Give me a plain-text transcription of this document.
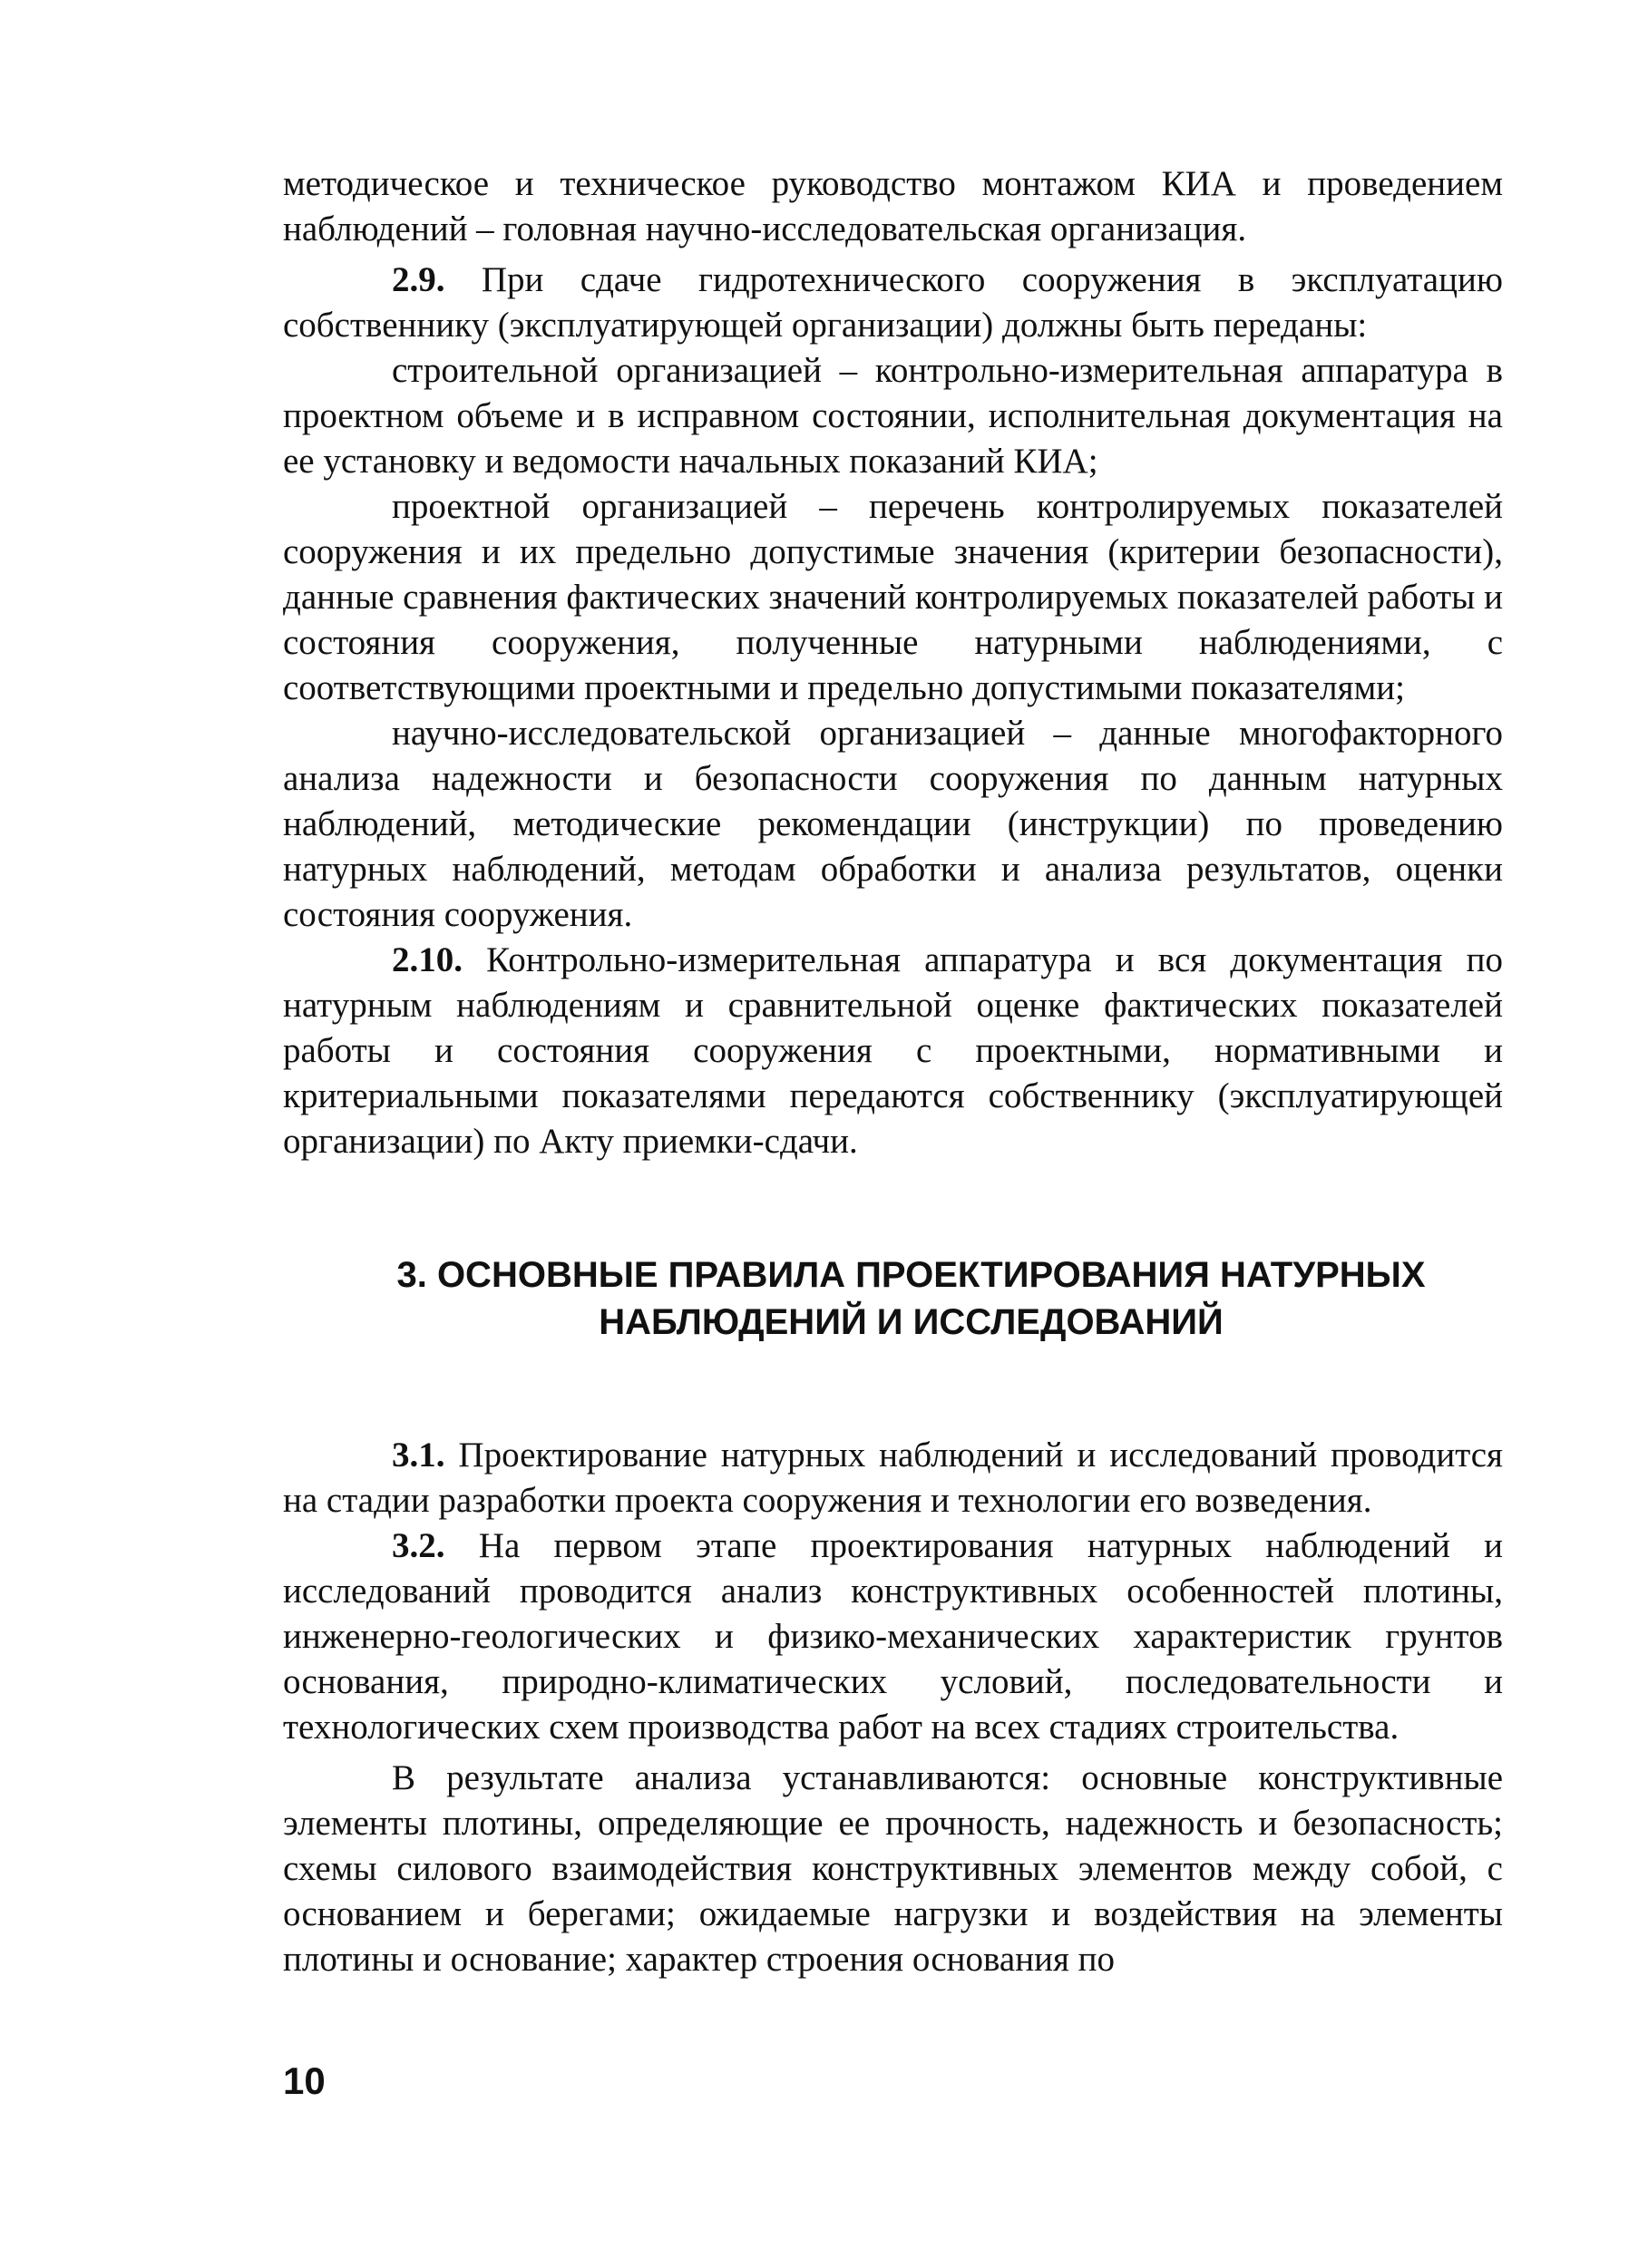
методическое и техническое руководство монтажом КИА и проведением наблюдений – головная научно-исследовательская организация.

2.9. При сдаче гидротехнического сооружения в эксплуатацию собственнику (эксплуатирующей организации) должны быть переданы:

строительной организацией – контрольно-измерительная аппаратура в проектном объеме и в исправном состоянии, исполнительная документация на ее установку и ведомости начальных показаний КИА;

проектной организацией – перечень контролируемых показателей сооружения и их предельно допустимые значения (критерии безопасности), данные сравнения фактических значений контролируемых показателей работы и состояния сооружения, полученные натурными наблюдениями, с соответствующими проектными и предельно допустимыми показателями;

научно-исследовательской организацией – данные многофакторного анализа надежности и безопасности сооружения по данным натурных наблюдений, методические рекомендации (инструкции) по проведению натурных наблюдений, методам обработки и анализа результатов, оценки состояния сооружения.

2.10. Контрольно-измерительная аппаратура и вся документация по натурным наблюдениям и сравнительной оценке фактических показателей работы и состояния сооружения с проектными, нормативными и критериальными показателями передаются собственнику (эксплуатирующей организации) по Акту приемки-сдачи.

3. ОСНОВНЫЕ ПРАВИЛА ПРОЕКТИРОВАНИЯ НАТУРНЫХ
НАБЛЮДЕНИЙ И ИССЛЕДОВАНИЙ

3.1. Проектирование натурных наблюдений и исследований проводится на стадии разработки проекта сооружения и технологии его возведения.

3.2. На первом этапе проектирования натурных наблюдений и исследований проводится анализ конструктивных особенностей плотины, инженерно-геологических и физико-механических характеристик грунтов основания, природно-климатических условий, последовательности и технологических схем производства работ на всех стадиях строительства.

В результате анализа устанавливаются: основные конструктивные элементы плотины, определяющие ее прочность, надежность и безопасность; схемы силового взаимодействия конструктивных элементов между собой, с основанием и берегами; ожидаемые нагрузки и воздействия на элементы плотины и основание; характер строения основания по

10
